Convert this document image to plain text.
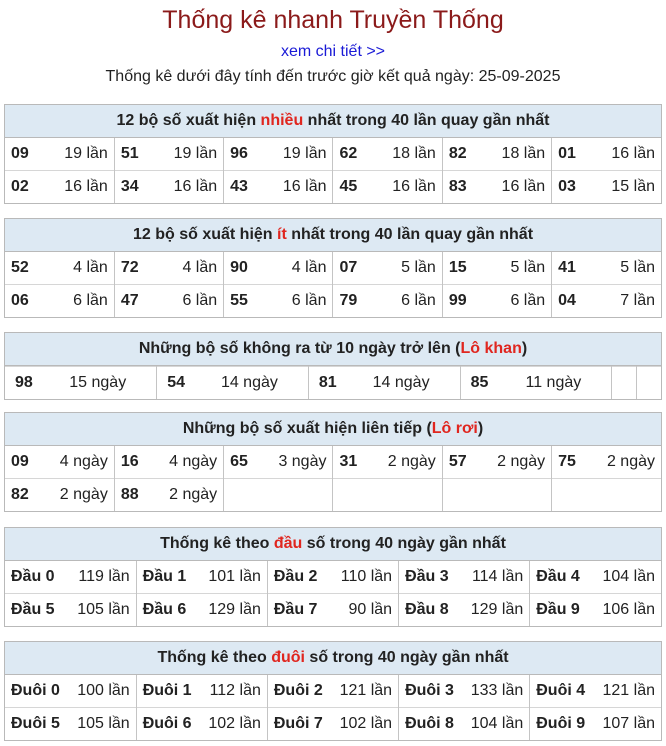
Thống kê nhanh Truyền Thống
xem chi tiết >>
Thống kê dưới đây tính đến trước giờ kết quả ngày: 25-09-2025
12 bộ số xuất hiện nhiều nhất trong 40 lần quay gần nhất
09 19 lần	51 19 lần	96 19 lần	62 18 lần	82 18 lần	01 16 lần

02 16 lần	34 16 lần	43 16 lần	45 16 lần	83 16 lần	03 15 lần
12 bộ số xuất hiện ít nhất trong 40 lần quay gần nhất
52 4 lần	72 4 lần	90 4 lần	07 5 lần	15 5 lần	41 5 lần

06 6 lần	47 6 lần	55 6 lần	79 6 lần	99 6 lần	04 7 lần
Những bộ số không ra từ 10 ngày trở lên (Lô khan)
98 15 ngày	54 14 ngày	81 14 ngày	85 11 ngày

Những bộ số xuất hiện liên tiếp (Lô rơi)
09 4 ngày	16 4 ngày	65 3 ngày	31 2 ngày	57 2 ngày	75 2 ngày

82 2 ngày	88 2 ngày				

Thống kê theo đầu số trong 40 ngày gần nhất
Đầu 0 119 lần	Đầu 1 101 lần	Đầu 2 110 lần	Đầu 3 114 lần	Đầu 4 104 lần

Đầu 5 105 lần	Đầu 6 129 lần	Đầu 7 90 lần	Đầu 8 129 lần	Đầu 9 106 lần
Thống kê theo đuôi số trong 40 ngày gần nhất
Đuôi 0 100 lần	Đuôi 1 112 lần	Đuôi 2 121 lần	Đuôi 3 133 lần	Đuôi 4 121 lần

Đuôi 5 105 lần	Đuôi 6 102 lần	Đuôi 7 102 lần	Đuôi 8 104 lần	Đuôi 9 107 lần
